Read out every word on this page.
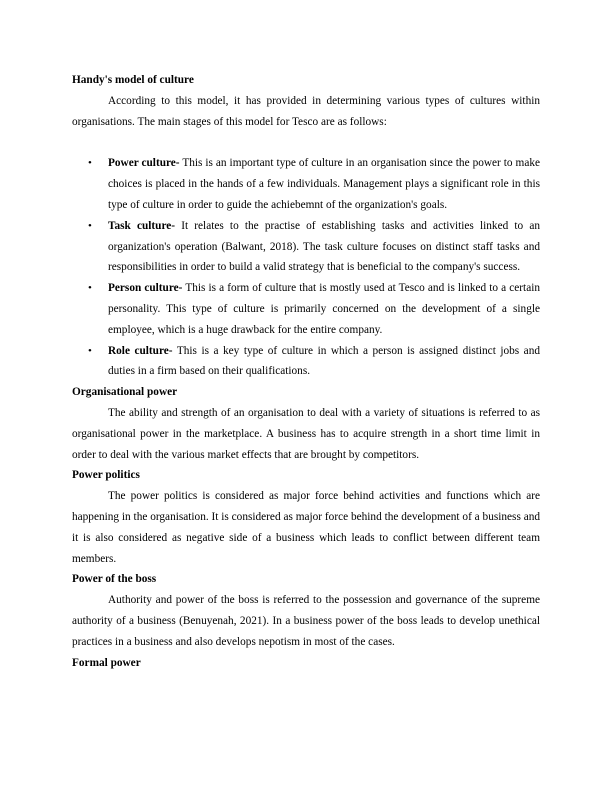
Handy's model of culture

According to this model, it has provided in determining various types of cultures within organisations. The main stages of this model for Tesco are as follows:

• Power culture- This is an important type of culture in an organisation since the power to make choices is placed in the hands of a few individuals. Management plays a significant role in this type of culture in order to guide the achiebemnt of the organization's goals.
• Task culture- It relates to the practise of establishing tasks and activities linked to an organization's operation (Balwant, 2018). The task culture focuses on distinct staff tasks and responsibilities in order to build a valid strategy that is beneficial to the company's success.
• Person culture- This is a form of culture that is mostly used at Tesco and is linked to a certain personality. This type of culture is primarily concerned on the development of a single employee, which is a huge drawback for the entire company.
• Role culture- This is a key type of culture in which a person is assigned distinct jobs and duties in a firm based on their qualifications.

Organisational power

The ability and strength of an organisation to deal with a variety of situations is referred to as organisational power in the marketplace. A business has to acquire strength in a short time limit in order to deal with the various market effects that are brought by competitors.

Power politics

The power politics is considered as major force behind activities and functions which are happening in the organisation. It is considered as major force behind the development of a business and it is also considered as negative side of a business which leads to conflict between different team members.

Power of the boss

Authority and power of the boss is referred to the possession and governance of the supreme authority of a business (Benuyenah, 2021). In a business power of the boss leads to develop unethical practices in a business and also develops nepotism in most of the cases.

Formal power
